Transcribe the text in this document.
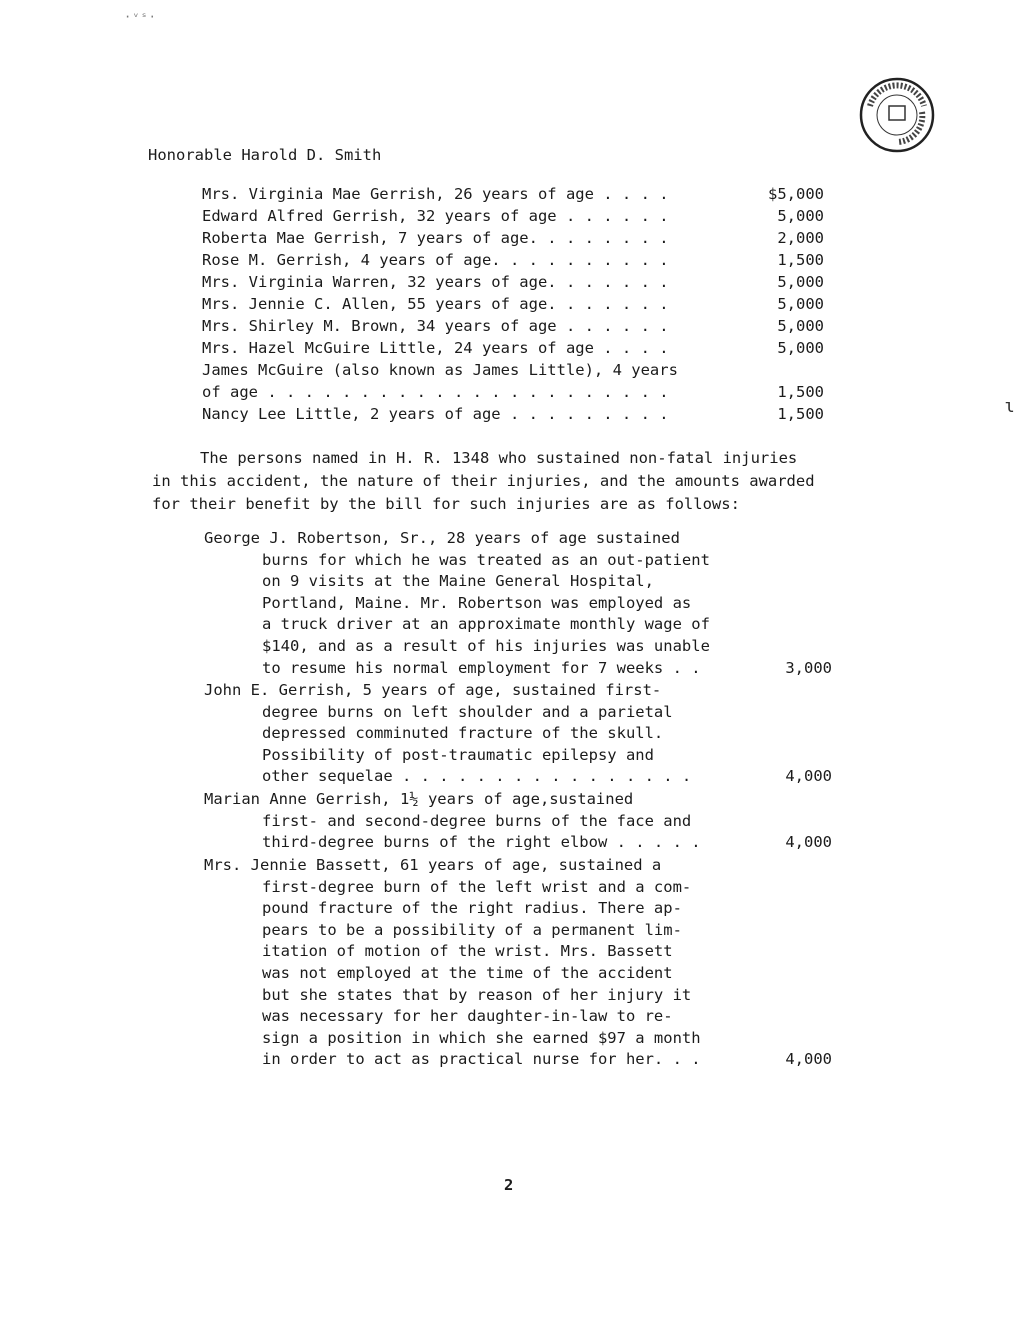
·ᵛˢ·
ɩ
Honorable Harold D. Smith
Mrs. Virginia Mae Gerrish, 26 years of age . . . .	$5,000
Edward Alfred Gerrish, 32 years of age . . . . . .	5,000
Roberta Mae Gerrish, 7 years of age. . . . . . . .	2,000
Rose M. Gerrish, 4 years of age. . . . . . . . . .	1,500
Mrs. Virginia Warren, 32 years of age. . . . . . .	5,000
Mrs. Jennie C. Allen, 55 years of age. . . . . . .	5,000
Mrs. Shirley M. Brown, 34 years of age . . . . . .	5,000
Mrs. Hazel McGuire Little, 24 years of age . . . .	5,000
James McGuire (also known as James Little), 4 years
of age . . . . . . . . . . . . . . . . . . . . . .	1,500
Nancy Lee Little, 2 years of age . . . . . . . . .	1,500
The persons named in H. R. 1348 who sustained non-fatal injuries
in this accident, the nature of their injuries, and the amounts awarded
for their benefit by the bill for such injuries are as follows:
George J. Robertson, Sr., 28 years of age sustained
burns for which he was treated as an out-patient
on 9 visits at the Maine General Hospital,
Portland, Maine. Mr. Robertson was employed as
a truck driver at an approximate monthly wage of
$140, and as a result of his injuries was unable
to resume his normal employment for 7 weeks . .	3,000
John E. Gerrish, 5 years of age, sustained first-
degree burns on left shoulder and a parietal
depressed comminuted fracture of the skull.
Possibility of post-traumatic epilepsy and
other sequelae . . . . . . . . . . . . . . . .	4,000
Marian Anne Gerrish, 1½ years of age,sustained
first- and second-degree burns of the face and
third-degree burns of the right elbow . . . . .	4,000
Mrs. Jennie Bassett, 61 years of age, sustained a
first-degree burn of the left wrist and a com-
pound fracture of the right radius. There ap-
pears to be a possibility of a permanent lim-
itation of motion of the wrist. Mrs. Bassett
was not employed at the time of the accident
but she states that by reason of her injury it
was necessary for her daughter-in-law to re-
sign a position in which she earned $97 a month
in order to act as practical nurse for her. . .	4,000
2
